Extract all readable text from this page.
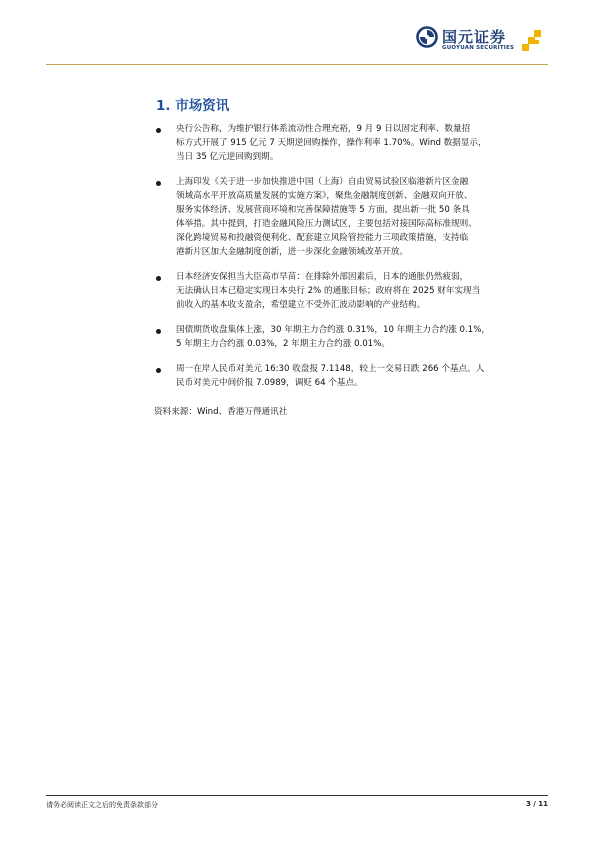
国元证券
GUOYUAN SECURITIES
1. 市场资讯
央行公告称，为维护银行体系流动性合理充裕，9 月 9 日以固定利率、数量招
标方式开展了 915 亿元 7 天期逆回购操作，操作利率 1.70%。Wind 数据显示，
当日 35 亿元逆回购到期。
上海印发《关于进一步加快推进中国（上海）自由贸易试验区临港新片区金融
领域高水平开放高质量发展的实施方案》，聚焦金融制度创新、金融双向开放、
服务实体经济、发展营商环境和完善保障措施等 5 方面，提出新一批 50 条具
体举措。其中提到，打造金融风险压力测试区，主要包括对接国际高标准规则、
深化跨境贸易和投融资便利化、配套建立风险管控能力三项政策措施，支持临
港新片区加大金融制度创新，进一步深化金融领域改革开放。
日本经济安保担当大臣高市早苗：在排除外部因素后，日本的通胀仍然疲弱，
无法确认日本已稳定实现日本央行 2% 的通胀目标；政府将在 2025 财年实现当
前收入的基本收支盈余，希望建立不受外汇波动影响的产业结构。
国债期货收盘集体上涨，30 年期主力合约涨 0.31%，10 年期主力合约涨 0.1%，
5 年期主力合约涨 0.03%，2 年期主力合约涨 0.01%。
周一在岸人民币对美元 16:30 收盘报 7.1148，较上一交易日跌 266 个基点。人
民币对美元中间价报 7.0989，调贬 64 个基点。
资料来源：Wind、香港万得通讯社
请务必阅读正文之后的免责条款部分	3 / 11
